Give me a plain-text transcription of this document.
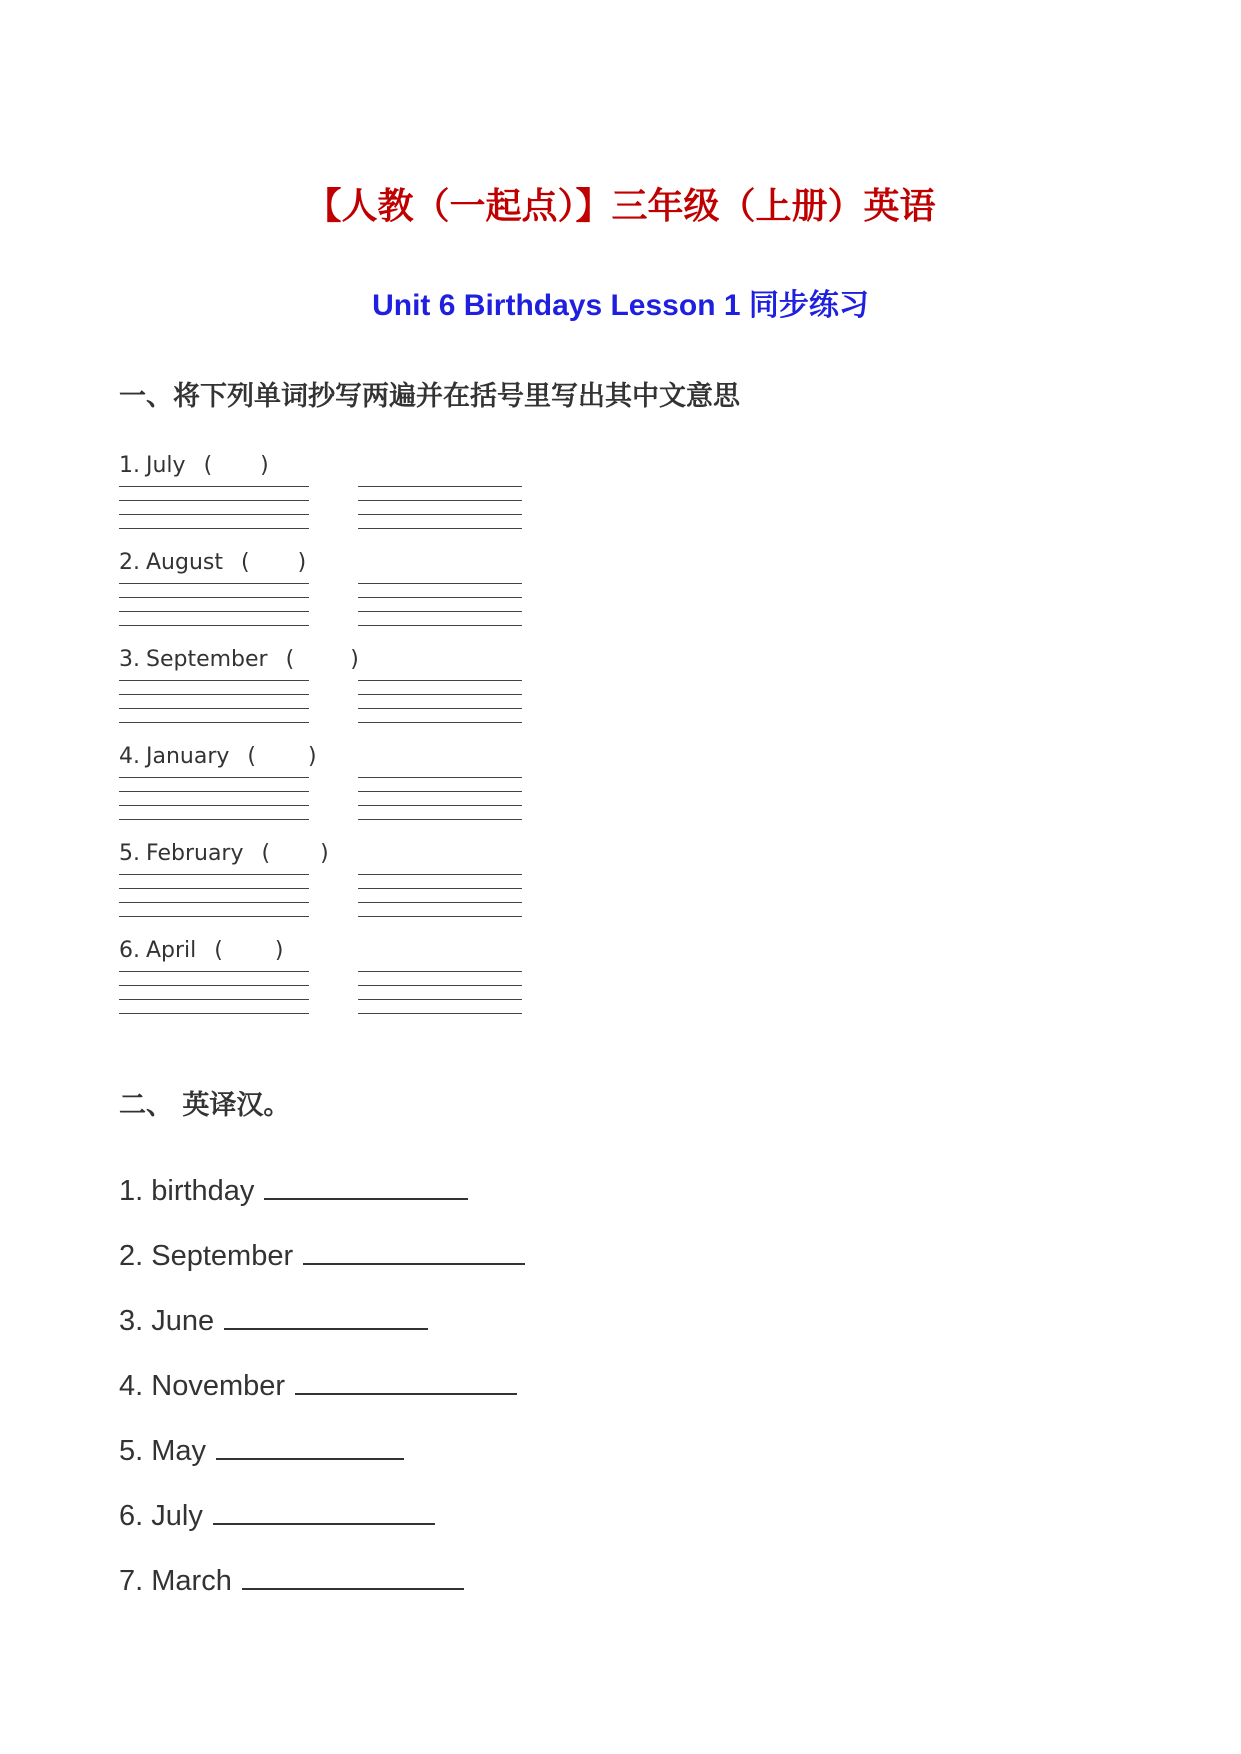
【人教（一起点）】三年级（上册）英语
Unit 6 Birthdays Lesson 1 同步练习
一、将下列单词抄写两遍并在括号里写出其中文意思
1. July ( )
2. August ( )
3. September (	)
4. January ( )
5. February ( )
6. April ( )
二、 英译汉。
1. birthday
2. September
3. June
4. November
5. May
6. July
7. March
